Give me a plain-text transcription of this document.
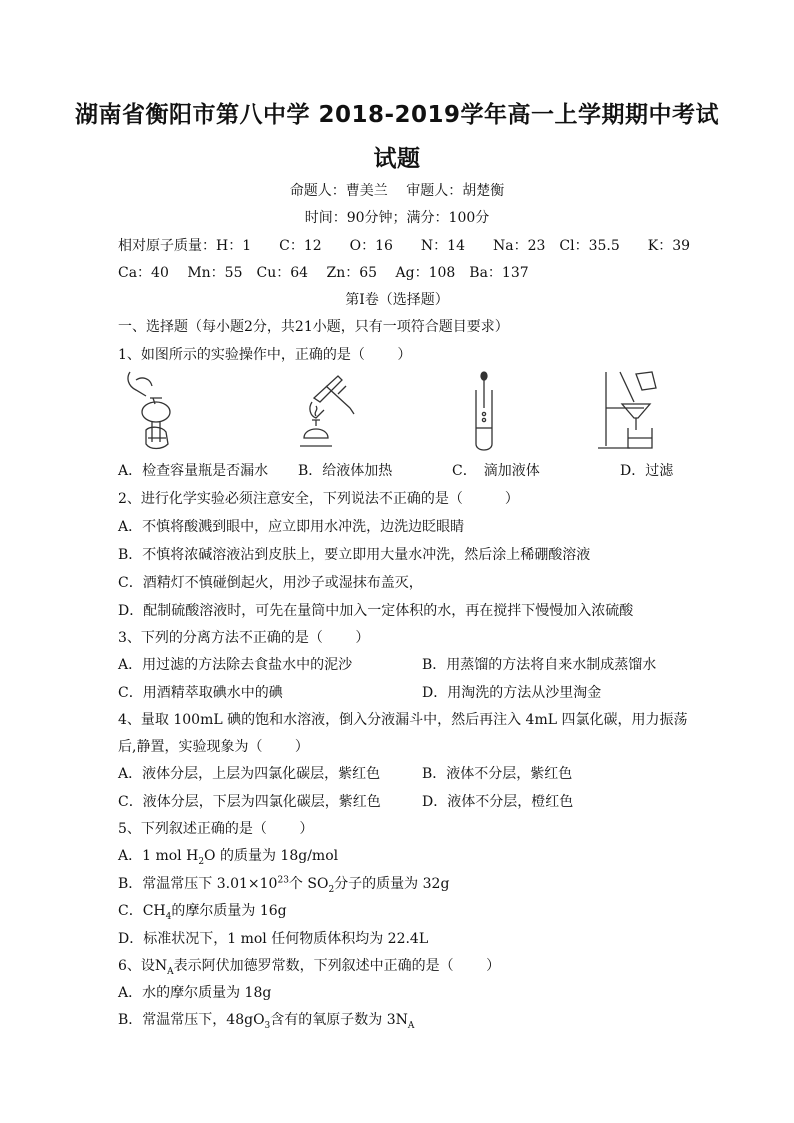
湖南省衡阳市第八中学 2018-2019学年高一上学期期中考试
试题
命题人：曹美兰　 审题人：胡楚衡
时间：90分钟；满分：100分
相对原子质量：H：1　　C：12　　O：16　　N：14　　Na：23　Cl：35.5　　K：39
Ca：40　 Mn：55　Cu：64　 Zn：65　 Ag：108　Ba：137
第Ⅰ卷（选择题）
一、选择题（每小题2分，共21小题，只有一项符合题目要求）
1、如图所示的实验操作中，正确的是（　　 ）
A．检查容量瓶是否漏水 B．给液体加热	C．　滴加液体	D．过滤
2、进行化学实验必须注意安全，下列说法不正确的是（　　　）
A．不慎将酸溅到眼中，应立即用水冲洗，边洗边眨眼睛
B．不慎将浓碱溶液沾到皮肤上，要立即用大量水冲洗，然后涂上稀硼酸溶液
C．酒精灯不慎碰倒起火，用沙子或湿抹布盖灭，
D．配制硫酸溶液时，可先在量筒中加入一定体积的水，再在搅拌下慢慢加入浓硫酸
3、下列的分离方法不正确的是（　　 ）
A．用过滤的方法除去食盐水中的泥沙	B．用蒸馏的方法将自来水制成蒸馏水
C．用酒精萃取碘水中的碘	D．用淘洗的方法从沙里淘金
4、量取 100mL 碘的饱和水溶液，倒入分液漏斗中，然后再注入 4mL 四氯化碳，用力振荡
后,静置，实验现象为（　　 ）
A．液体分层，上层为四氯化碳层，紫红色	B．液体不分层，紫红色
C．液体分层，下层为四氯化碳层，紫红色	D．液体不分层，橙红色
5、下列叙述正确的是（　　 ）
A．1 mol $H_2O$ 的质量为 18g/mol
B．常温常压下 $3.01\times 10^{23}$个 $SO_2$分子的质量为 32g
C．$CH_4$的摩尔质量为 16g
D．标准状况下，1 mol 任何物质体积均为 22.4L
6、设$N_A$表示阿伏加德罗常数，下列叙述中正确的是（　　 ）
A．水的摩尔质量为 18g
B．常温常压下，$48gO_3$含有的氧原子数为 $3N_A$
